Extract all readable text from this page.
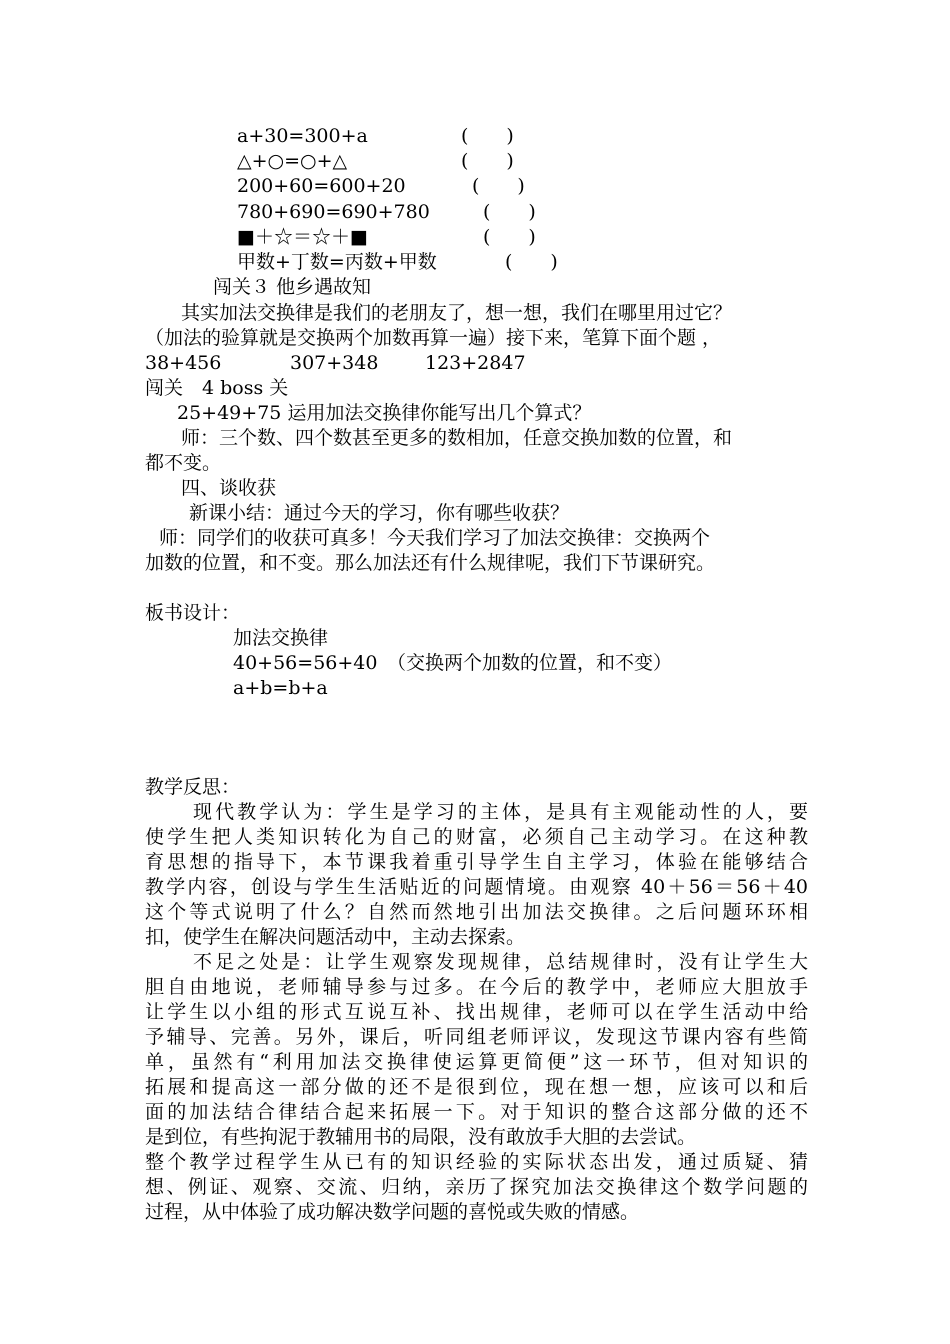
a+30=300+a	(　　)
△+○=○+△	(　　)
200+60=600+20	(　　)
780+690=690+780	(　　)
■＋☆＝☆＋■	(　　)
甲数+丁数=丙数+甲数	(　　)
闯关３ 他乡遇故知
其实加法交换律是我们的老朋友了，想一想，我们在哪里用过它？
（加法的验算就是交换两个加数再算一遍）接下来，笔算下面个题 ，
38+456	307+348 123+2847
闯关　4 boss 关
25+49+75 运用加法交换律你能写出几个算式？
师：三个数、四个数甚至更多的数相加，任意交换加数的位置，和
都不变。
四、谈收获
新课小结：通过今天的学习，你有哪些收获？
师：同学们的收获可真多！今天我们学习了加法交换律：交换两个
加数的位置，和不变。那么加法还有什么规律呢，我们下节课研究。
板书设计：
加法交换律
40+56=56+40　（交换两个加数的位置，和不变）
a+b=b+a
教学反思：
现代教学认为：学生是学习的主体，是具有主观能动性的人，要
使学生把人类知识转化为自己的财富，必须自己主动学习。在这种教
育思想的指导下，本节课我着重引导学生自主学习，体验在能够结合
教学内容，创设与学生生活贴近的问题情境。由观察 40＋56＝56＋40
这个等式说明了什么？自然而然地引出加法交换律。之后问题环环相
扣，使学生在解决问题活动中，主动去探索。
不足之处是：让学生观察发现规律，总结规律时，没有让学生大
胆自由地说，老师辅导参与过多。在今后的教学中，老师应大胆放手
让学生以小组的形式互说互补、找出规律，老师可以在学生活动中给
予辅导、完善。另外，课后，听同组老师评议，发现这节课内容有些简
单，虽然有“利用加法交换律使运算更简便”这一环节，但对知识的
拓展和提高这一部分做的还不是很到位，现在想一想，应该可以和后
面的加法结合律结合起来拓展一下。对于知识的整合这部分做的还不
是到位，有些拘泥于教辅用书的局限，没有敢放手大胆的去尝试。
整个教学过程学生从已有的知识经验的实际状态出发，通过质疑、猜
想、例证、观察、交流、归纳，亲历了探究加法交换律这个数学问题的
过程，从中体验了成功解决数学问题的喜悦或失败的情感。
